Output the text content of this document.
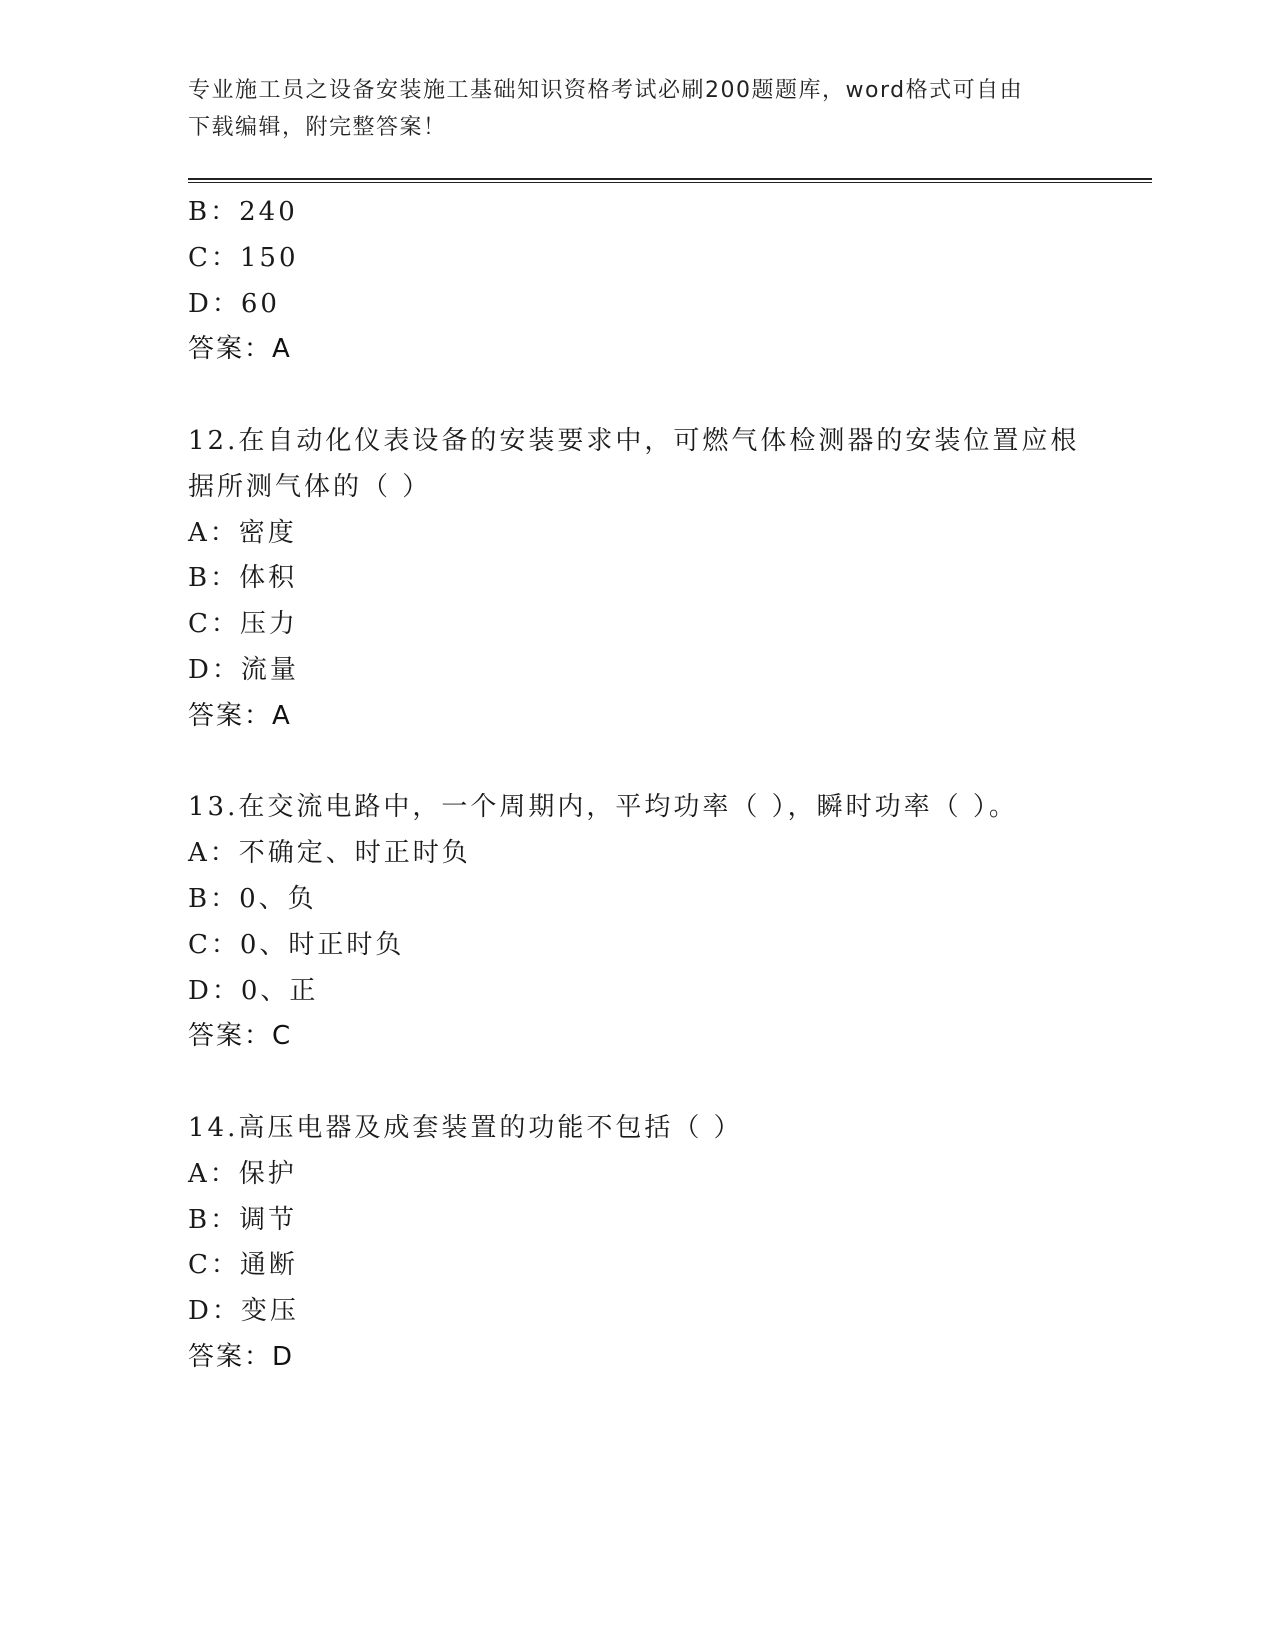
专业施工员之设备安装施工基础知识资格考试必刷200题题库，word格式可自由
下载编辑，附完整答案！
B：240
C：150
D：60
答案：A
12.在自动化仪表设备的安装要求中，可燃气体检测器的安装位置应根
据所测气体的（ ）
A：密度
B：体积
C：压力
D：流量
答案：A
13.在交流电路中，一个周期内，平均功率（ ），瞬时功率（ ）。
A：不确定、时正时负
B：0、负
C：0、时正时负
D：0、正
答案：C
14.高压电器及成套装置的功能不包括（ ）
A：保护
B：调节
C：通断
D：变压
答案：D
